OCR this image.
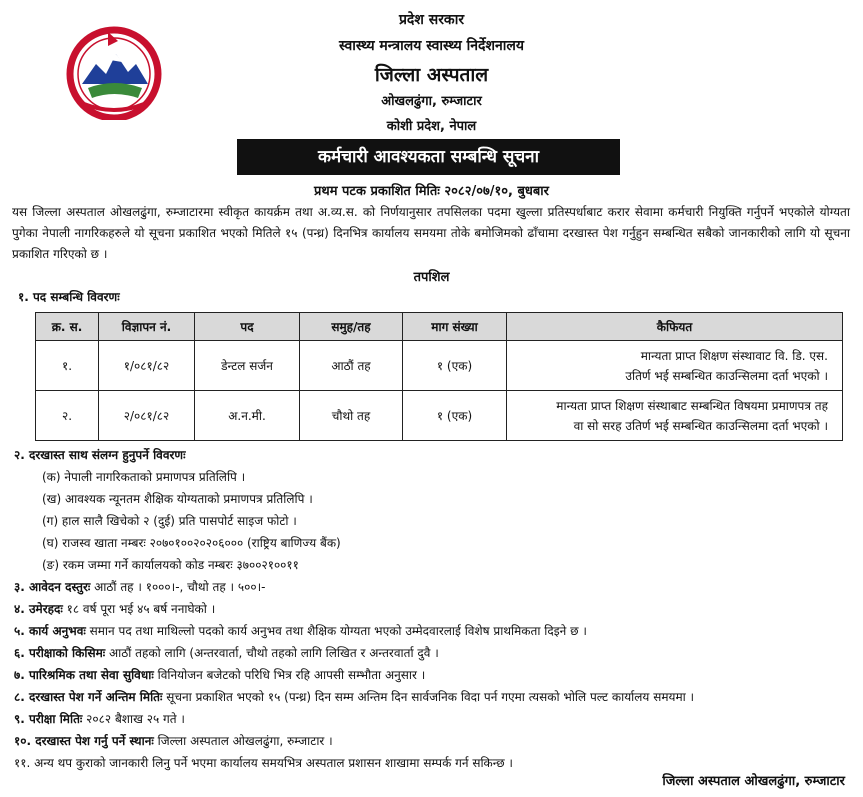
प्रदेश सरकार
स्वास्थ्य मन्त्रालय स्वास्थ्य निर्देशनालय
जिल्ला अस्पताल
ओखलढुंगा, रुम्जाटार
कोशी प्रदेश, नेपाल
कर्मचारी आवश्यकता सम्बन्धि सूचना
प्रथम पटक प्रकाशित मितिः २०८२/०७/१०, बुधबार
यस जिल्ला अस्पताल ओखलढुंगा, रुम्जाटारमा स्वीकृत कायर्क्रम तथा अ.व्य.स. को निर्णयानुसार तपसिलका पदमा खुल्ला प्रतिस्पर्धाबाट करार सेवामा कर्मचारी नियुक्ति गर्नुपर्ने भएकोले योग्यता पुगेका नेपाली नागरिकहरुले यो सूचना प्रकाशित भएको मितिले १५ (पन्ध्र) दिनभित्र कार्यालय समयमा तोके बमोजिमको ढाँचामा दरखास्त पेश गर्नुहुन सम्बन्धित सबैको जानकारीको लागि यो सूचना प्रकाशित गरिएको छ ।
तपशिल
१. पद सम्बन्धि विवरणः
क्र. स.	विज्ञापन नं.	पद	समुह/तह	माग संख्या	कैफियत
१.	१/०८१/८२	डेन्टल सर्जन	आठौं तह	१ (एक)	मान्यता प्राप्त शिक्षण संस्थावाट वि. डि. एस.
उतिर्ण भई सम्बन्धित काउन्सिलमा दर्ता भएको ।

२.	२/०८१/८२	अ.न.मी.	चौथो तह	१ (एक)	मान्यता प्राप्त शिक्षण संस्थाबाट सम्बन्धित विषयमा प्रमाणपत्र तह
वा सो सरह उतिर्ण भई सम्बन्धित काउन्सिलमा दर्ता भएको ।
२. दरखास्त साथ संलग्न हुनुपर्ने विवरणः
(क) नेपाली नागरिकताको प्रमाणपत्र प्रतिलिपि ।
(ख) आवश्यक न्यूनतम शैक्षिक योग्यताको प्रमाणपत्र प्रतिलिपि ।
(ग) हाल सालै खिचेको २ (दुई) प्रति पासपोर्ट साइज फोटो ।
(घ) राजस्व खाता नम्बरः २०७०१००२०२०६००० (राष्ट्रिय बाणिज्य बैंक)
(ङ) रकम जम्मा गर्ने कार्यालयको कोड नम्बरः ३७००२१००११
३. आवेदन दस्तुरः आठौं तह । १०००।-, चौथो तह । ५००।-
४. उमेरहदः १८ वर्ष पूरा भई ४५ बर्ष ननाघेको ।
५. कार्य अनुभवः समान पद तथा माथिल्लो पदको कार्य अनुभव तथा शैक्षिक योग्यता भएको उम्मेदवारलाई विशेष प्राथमिकता दिइने छ ।
६. परीक्षाको किसिमः आठौं तहको लागि (अन्तरवार्ता, चौथो तहको लागि लिखित र अन्तरवार्ता दुवै ।
७. पारिश्रमिक तथा सेवा सुविधाः विनियोजन बजेटको परिधि भित्र रहि आपसी सम्भौता अनुसार ।
८. दरखास्त पेश गर्ने अन्तिम मितिः सूचना प्रकाशित भएको १५ (पन्ध्र) दिन सम्म अन्तिम दिन सार्वजनिक विदा पर्न गएमा त्यसको भोलि पल्ट कार्यालय समयमा ।
९. परीक्षा मितिः २०८२ बैशाख २५ गते ।
१०. दरखास्त पेश गर्नु पर्ने स्थानः जिल्ला अस्पताल ओखलढुंगा, रुम्जाटार ।
११. अन्य थप कुराको जानकारी लिनु पर्ने भएमा कार्यालय समयभित्र अस्पताल प्रशासन शाखामा सम्पर्क गर्न सकिन्छ ।
जिल्ला अस्पताल ओखलढुंगा, रुम्जाटार
